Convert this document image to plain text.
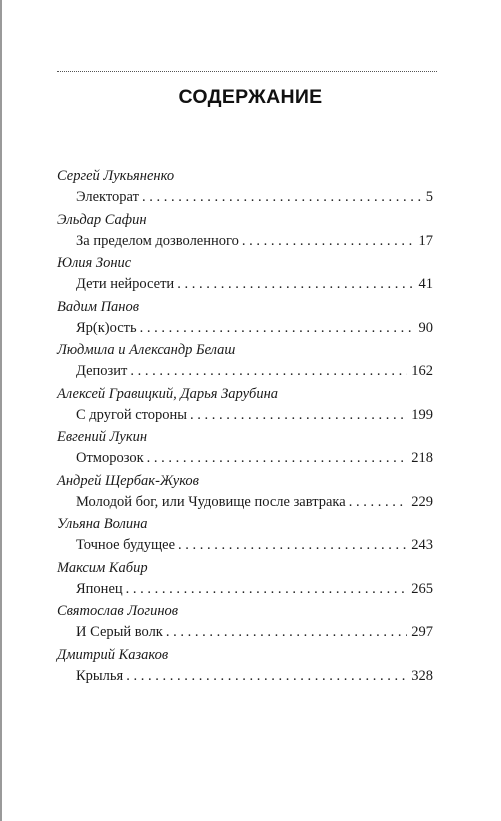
СОДЕРЖАНИЕ
Сергей Лукьяненко
Электорат . . .	5
Эльдар Сафин
За пределом дозволенного . . .	17
Юлия Зонис
Дети нейросети . . .	41
Вадим Панов
Яр(к)ость . . .	90
Людмила и Александр Белаш
Депозит . . .	162
Алексей Гравицкий, Дарья Зарубина
С другой стороны . . .	199
Евгений Лукин
Отморозок . . .	218
Андрей Щербак-Жуков
Молодой бог, или Чудовище после завтрака . . .	229
Ульяна Волина
Точное будущее . . .	243
Максим Кабир
Японец . . .	265
Святослав Логинов
И Серый волк . . .	297
Дмитрий Казаков
Крылья . . .	328
